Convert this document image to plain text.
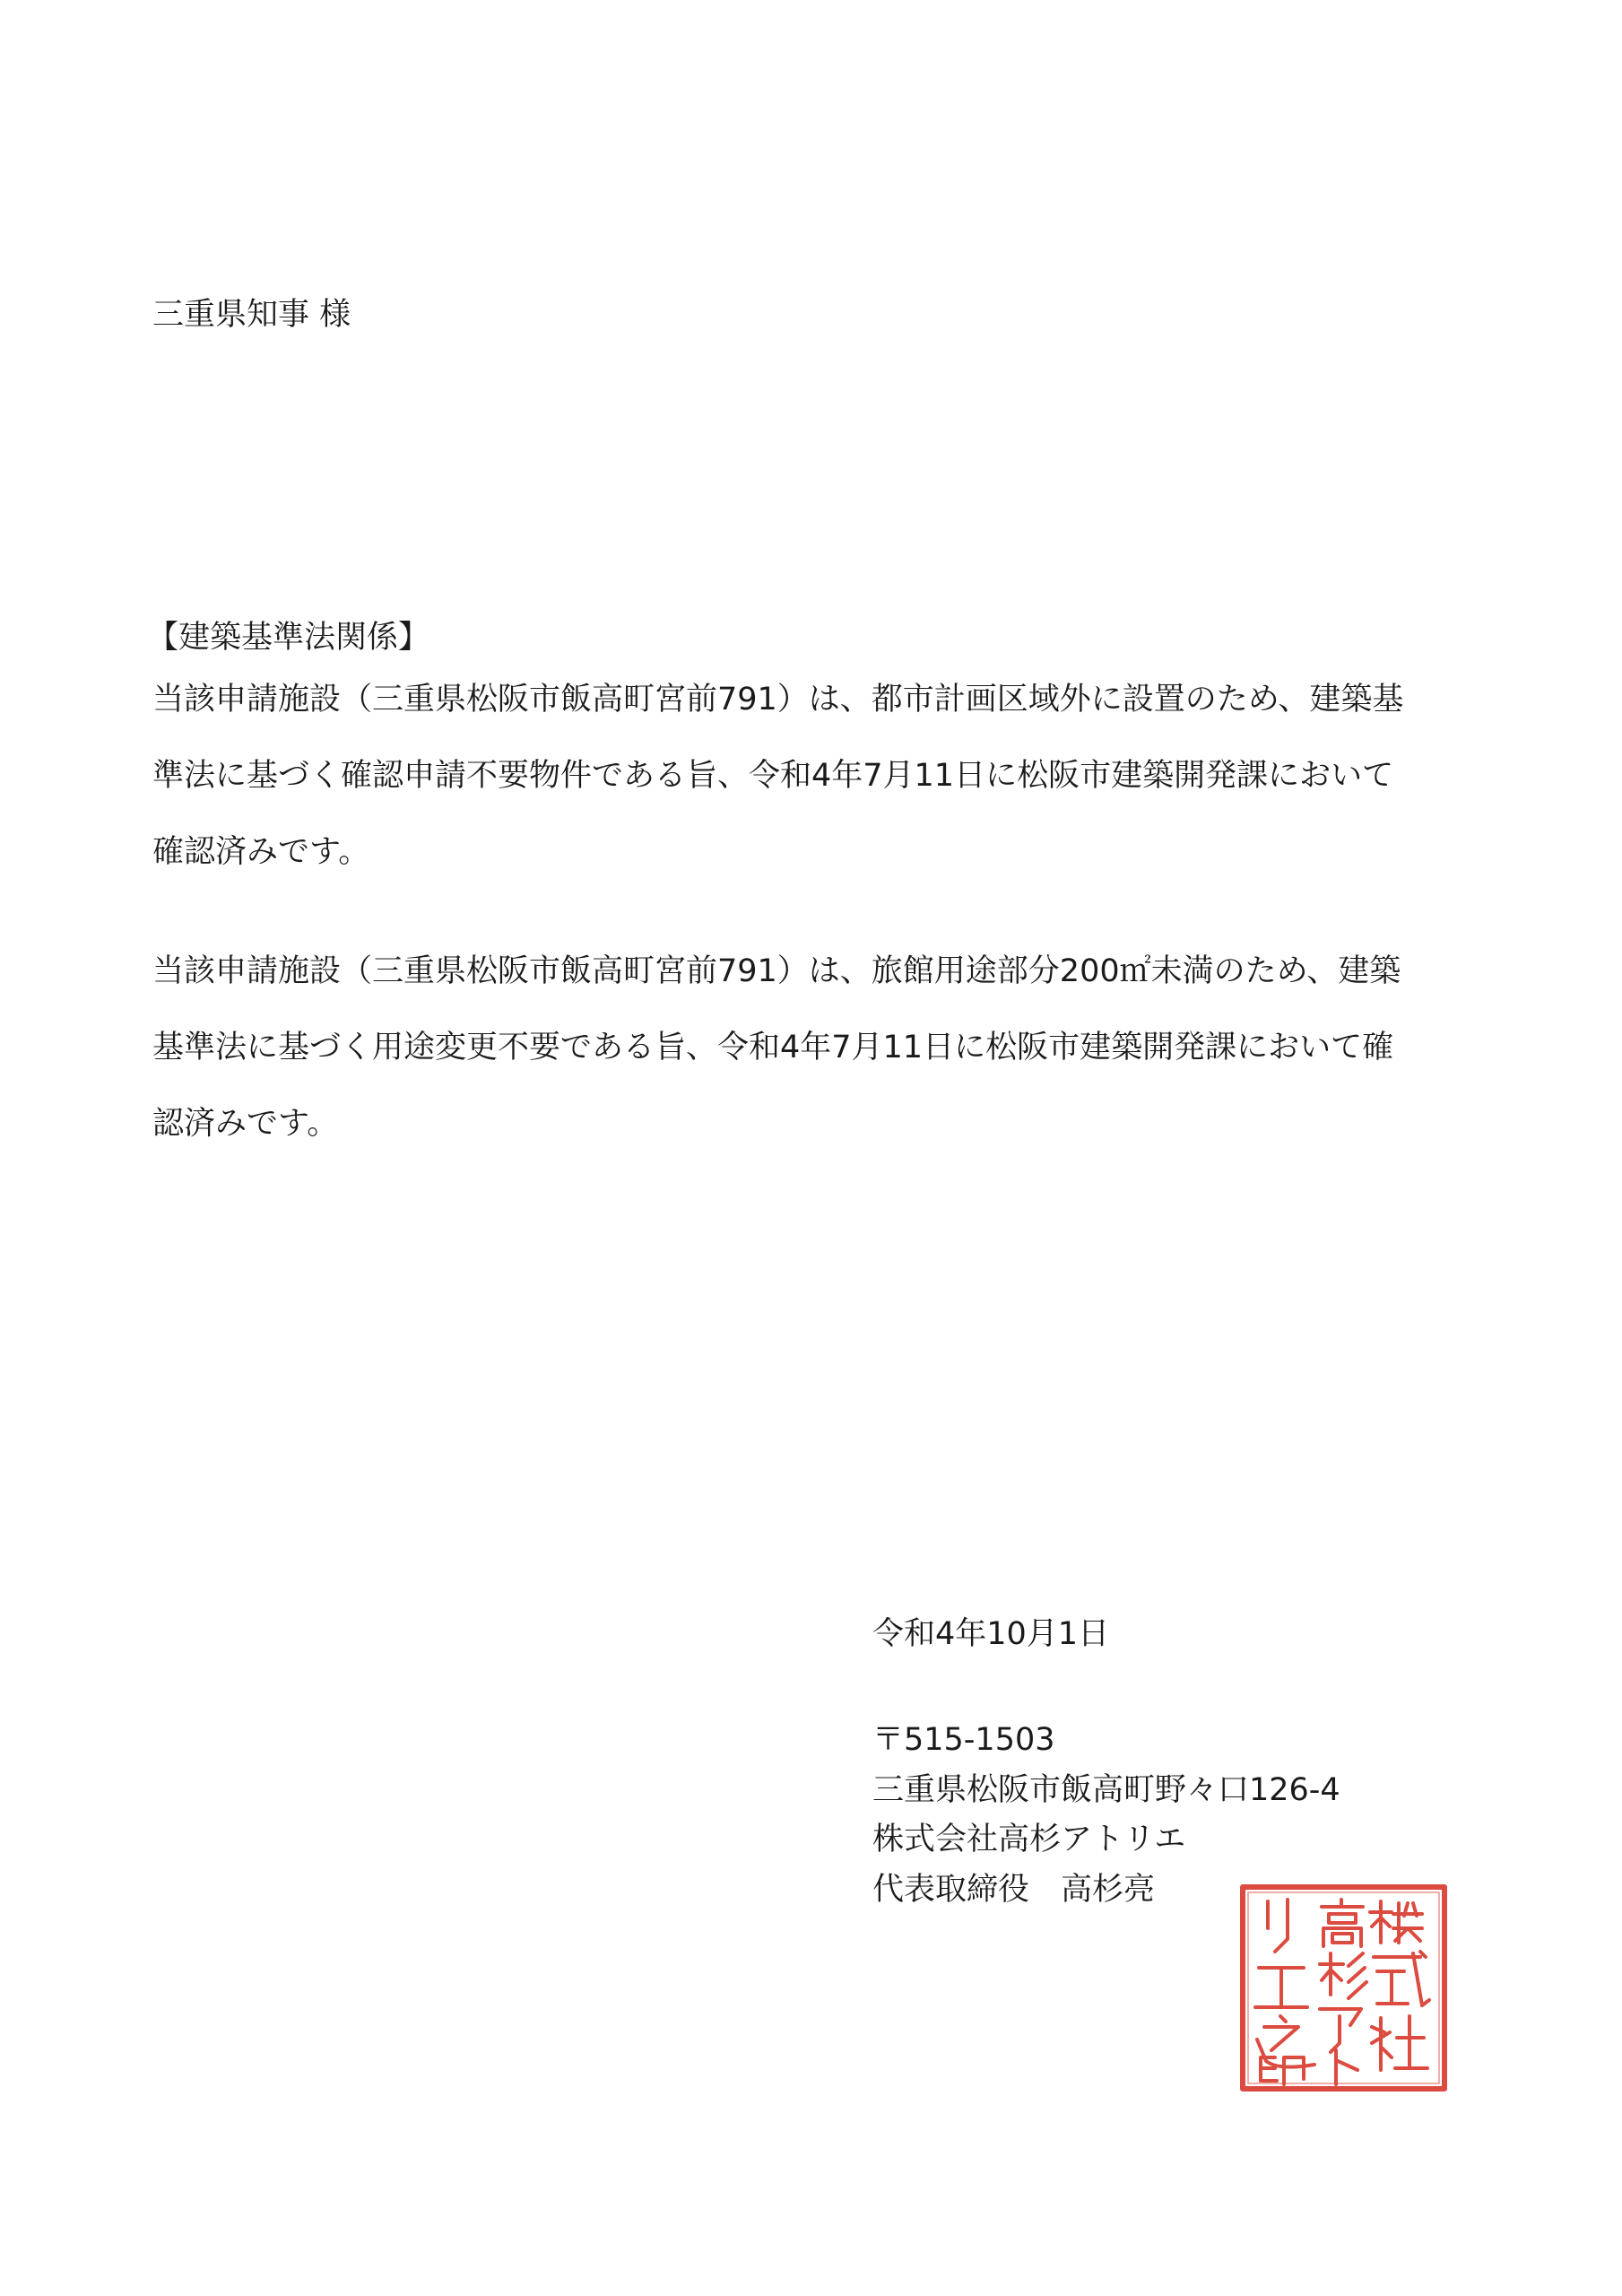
三重県知事 様
【建築基準法関係】
当該申請施設（三重県松阪市飯高町宮前791）は、都市計画区域外に設置のため、建築基
準法に基づく確認申請不要物件である旨、令和4年7月11日に松阪市建築開発課において
確認済みです。
当該申請施設（三重県松阪市飯高町宮前791）は、旅館用途部分200㎡未満のため、建築
基準法に基づく用途変更不要である旨、令和4年7月11日に松阪市建築開発課において確
認済みです。
令和4年10月1日
〒515-1503
三重県松阪市飯高町野々口126-4
株式会社高杉アトリエ
代表取締役　高杉亮
